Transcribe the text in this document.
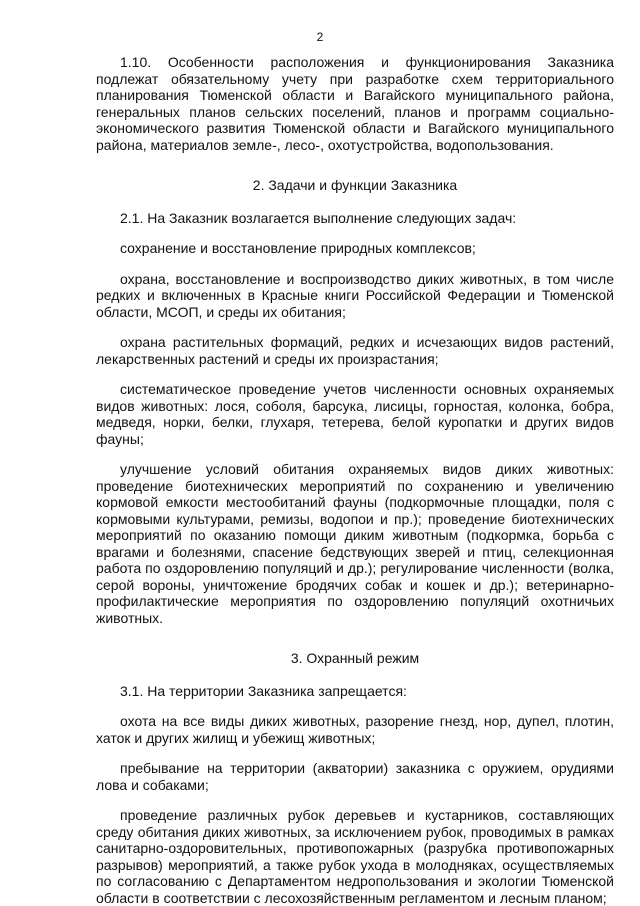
2

1.10. Особенности расположения и функционирования Заказника подлежат обязательному учету при разработке схем территориального планирования Тюменской области и Вагайского муниципального района, генеральных планов сельских поселений, планов и программ социально-экономического развития Тюменской области и Вагайского муниципального района, материалов земле-, лесо-, охотустройства, водопользования.

2. Задачи и функции Заказника

2.1. На Заказник возлагается выполнение следующих задач:

сохранение и восстановление природных комплексов;

охрана, восстановление и воспроизводство диких животных, в том числе редких и включенных в Красные книги Российской Федерации и Тюменской области, МСОП, и среды их обитания;

охрана растительных формаций, редких и исчезающих видов растений, лекарственных растений и среды их произрастания;

систематическое проведение учетов численности основных охраняемых видов животных: лося, соболя, барсука, лисицы, горностая, колонка, бобра, медведя, норки, белки, глухаря, тетерева, белой куропатки и других видов фауны;

улучшение условий обитания охраняемых видов диких животных: проведение биотехнических мероприятий по сохранению и увеличению кормовой емкости местообитаний фауны (подкормочные площадки, поля с кормовыми культурами, ремизы, водопои и пр.); проведение биотехнических мероприятий по оказанию помощи диким животным (подкормка, борьба с врагами и болезнями, спасение бедствующих зверей и птиц, селекционная работа по оздоровлению популяций и др.); регулирование численности (волка, серой вороны, уничтожение бродячих собак и кошек и др.); ветеринарно-профилактические мероприятия по оздоровлению популяций охотничьих животных.

3. Охранный режим

3.1. На территории Заказника запрещается:

охота на все виды диких животных, разорение гнезд, нор, дупел, плотин, хаток и других жилищ и убежищ животных;

пребывание на территории (акватории) заказника с оружием, орудиями лова и собаками;

проведение различных рубок деревьев и кустарников, составляющих среду обитания диких животных, за исключением рубок, проводимых в рамках санитарно-оздоровительных, противопожарных (разрубка противопожарных разрывов) мероприятий, а также рубок ухода в молодняках, осуществляемых по согласованию с Департаментом недропользования и экологии Тюменской области в соответствии с лесохозяйственным регламентом и лесным планом;
